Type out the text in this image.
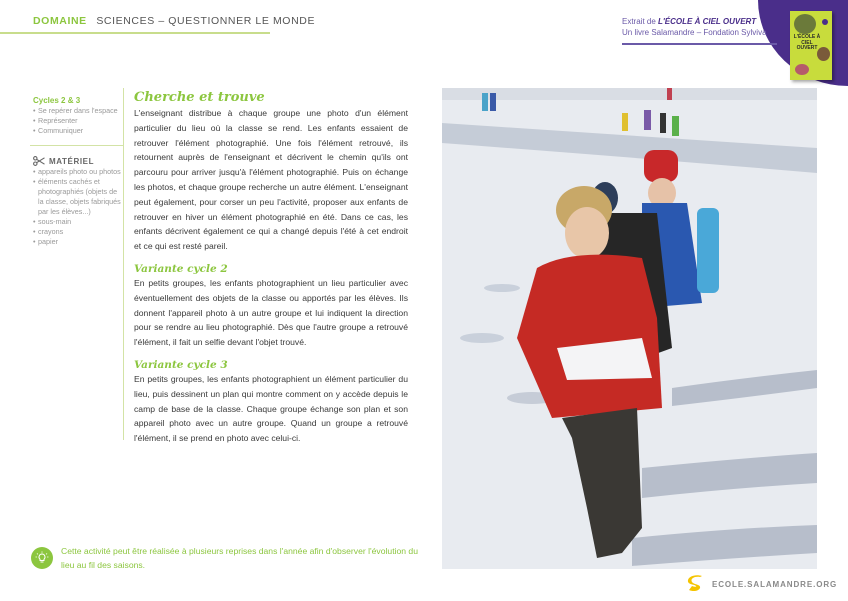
DOMAINE SCIENCES – QUESTIONNER LE MONDE	Extrait de L'ÉCOLE À CIEL OUVERT
Un livre Salamandre – Fondation Sylviva	L'ÉCOLE À CIEL OUVERT
Cycles 2 & 3
• Se repérer dans l'espace
• Représenter
• Communiquer
MATÉRIEL
• appareils photo ou photos
• éléments cachés et photographiés (objets de la classe, objets fabriqués par les élèves...)
• sous-main
• crayons
• papier
Cherche et trouve

L'enseignant distribue à chaque groupe une photo d'un élément particulier du lieu où la classe se rend. Les enfants essaient de retrouver l'élément photographié. Une fois l'élément retrouvé, ils retournent auprès de l'enseignant et décrivent le chemin qu'ils ont parcouru pour arriver jusqu'à l'élément photographié. Puis on échange les photos, et chaque groupe recherche un autre élément. L'enseignant peut également, pour corser un peu l'activité, proposer aux enfants de retrouver en hiver un élément photographié en été. Dans ce cas, les enfants décrivent également ce qui a changé depuis l'été à cet endroit et ce qui est resté pareil.

Variante cycle 2

En petits groupes, les enfants photographient un lieu particulier avec éventuellement des objets de la classe ou apportés par les élèves. Ils donnent l'appareil photo à un autre groupe et lui indiquent la direction pour se rendre au lieu photographié. Dès que l'autre groupe a retrouvé l'élément, il fait un selfie devant l'objet trouvé.

Variante cycle 3

En petits groupes, les enfants photographient un élément particulier du lieu, puis dessinent un plan qui montre comment on y accède depuis le camp de base de la classe. Chaque groupe échange son plan et son appareil photo avec un autre groupe. Quand un groupe a retrouvé l'élément, il se prend en photo avec celui-ci.

Cette activité peut être réalisée à plusieurs reprises dans l'année afin d'observer l'évolution du lieu au fil des saisons.

ECOLE.SALAMANDRE.ORG
